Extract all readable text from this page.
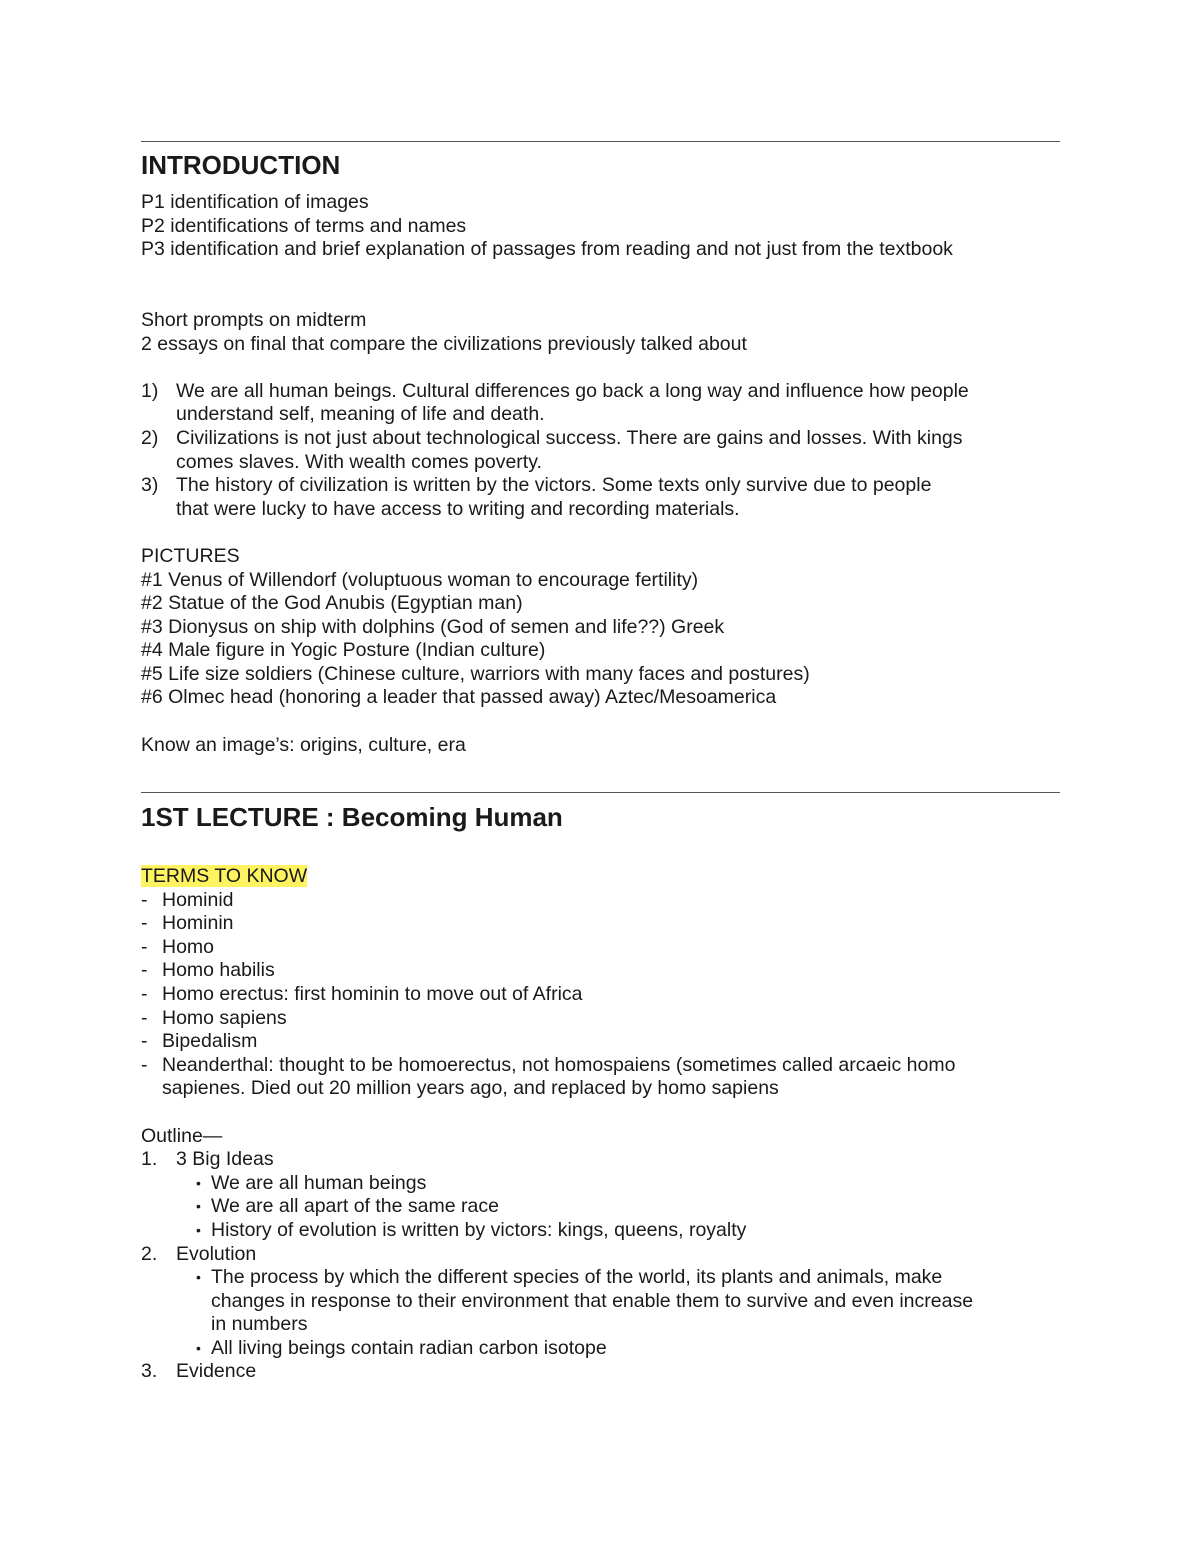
INTRODUCTION
P1 identification of images
P2 identifications of terms and names
P3 identification and brief explanation of passages from reading and not just from the textbook
Short prompts on midterm
2 essays on final that compare the civilizations previously talked about
1) We are all human beings. Cultural differences go back a long way and influence how people
understand self, meaning of life and death.
2) Civilizations is not just about technological success. There are gains and losses. With kings
comes slaves. With wealth comes poverty.
3) The history of civilization is written by the victors. Some texts only survive due to people
that were lucky to have access to writing and recording materials.
PICTURES
#1 Venus of Willendorf (voluptuous woman to encourage fertility)
#2 Statue of the God Anubis (Egyptian man)
#3 Dionysus on ship with dolphins (God of semen and life??) Greek
#4 Male figure in Yogic Posture (Indian culture)
#5 Life size soldiers (Chinese culture, warriors with many faces and postures)
#6 Olmec head (honoring a leader that passed away) Aztec/Mesoamerica
Know an image’s: origins, culture, era
1ST LECTURE : Becoming Human
TERMS TO KNOW
- Hominid
- Hominin
- Homo
- Homo habilis
- Homo erectus: first hominin to move out of Africa
- Homo sapiens
- Bipedalism
- Neanderthal: thought to be homoerectus, not homospaiens (sometimes called arcaeic homo
sapienes. Died out 20 million years ago, and replaced by homo sapiens
Outline—
1. 3 Big Ideas
• We are all human beings
• We are all apart of the same race
• History of evolution is written by victors: kings, queens, royalty
2. Evolution
• The process by which the different species of the world, its plants and animals, make
changes in response to their environment that enable them to survive and even increase
in numbers
• All living beings contain radian carbon isotope
3. Evidence
